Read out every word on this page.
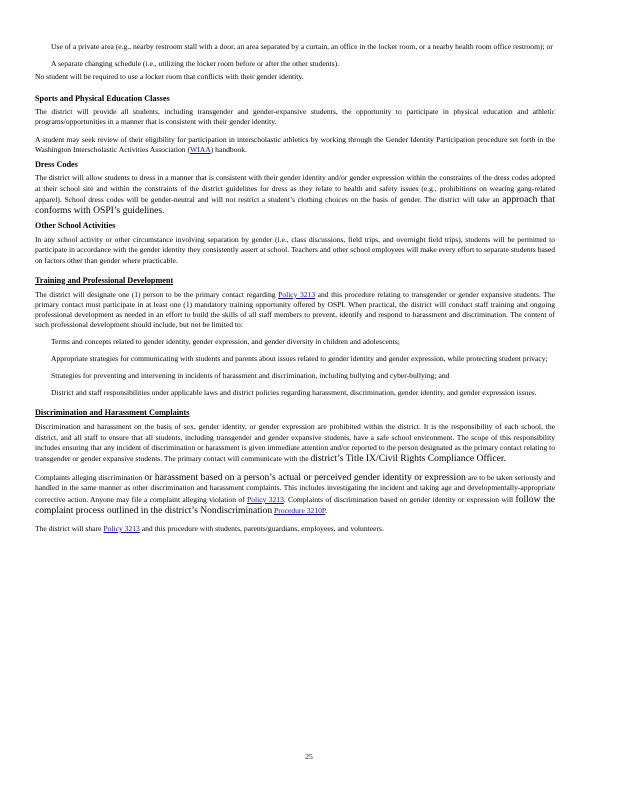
Use of a private area (e.g., nearby restroom stall with a door, an area separated by a curtain, an office in the locker room, or a nearby health room office restroom); or

A separate changing schedule (i.e., utilizing the locker room before or after the other students).

No student will be required to use a locker room that conflicts with their gender identity.

Sports and Physical Education Classes

The district will provide all students, including transgender and gender-expansive students, the opportunity to participate in physical education and athletic programs/opportunities in a manner that is consistent with their gender identity.

A student may seek review of their eligibility for participation in interscholastic athletics by working through the Gender Identity Participation procedure set forth in the Washington Interscholastic Activities Association (WIAA) handbook.

Dress Codes

The district will allow students to dress in a manner that is consistent with their gender identity and/or gender expression within the constraints of the dress codes adopted at their school site and within the constraints of the district guidelines for dress as they relate to health and safety issues (e.g., prohibitions on wearing gang-related apparel). School dress codes will be gender-neutral and will not restrict a student’s clothing choices on the basis of gender. The district will take an approach that conforms with OSPI’s guidelines.

Other School Activities

In any school activity or other circumstance involving separation by gender (i.e., class discussions, field trips, and overnight field trips), students will be permitted to participate in accordance with the gender identity they consistently assert at school. Teachers and other school employees will make every effort to separate students based on factors other than gender where practicable.

Training and Professional Development

The district will designate one (1) person to be the primary contact regarding Policy 3213 and this procedure relating to transgender or gender expansive students. The primary contact must participate in at least one (1) mandatory training opportunity offered by OSPI. When practical, the district will conduct staff training and ongoing professional development as needed in an effort to build the skills of all staff members to prevent, identify and respond to harassment and discrimination. The content of such professional development should include, but not be limited to:

Terms and concepts related to gender identity, gender expression, and gender diversity in children and adolescents;

Appropriate strategies for communicating with students and parents about issues related to gender identity and gender expression, while protecting student privacy;

Strategies for preventing and intervening in incidents of harassment and discrimination, including bullying and cyber-bullying; and

District and staff responsibilities under applicable laws and district policies regarding harassment, discrimination, gender identity, and gender expression issues.

Discrimination and Harassment Complaints

Discrimination and harassment on the basis of sex, gender identity, or gender expression are prohibited within the district. It is the responsibility of each school, the district, and all staff to ensure that all students, including transgender and gender expansive students, have a safe school environment. The scope of this responsibility includes ensuring that any incident of discrimination or harassment is given immediate attention and/or reported to the person designated as the primary contact relating to transgender or gender expansive students. The primary contact will communicate with the district’s Title IX/Civil Rights Compliance Officer.

Complaints alleging discrimination or harassment based on a person’s actual or perceived gender identity or expression are to be taken seriously and handled in the same manner as other discrimination and harassment complaints. This includes investigating the incident and taking age and developmentally-appropriate corrective action. Anyone may file a complaint alleging violation of Policy 3213. Complaints of discrimination based on gender identity or expression will follow the complaint process outlined in the district’s Nondiscrimination Procedure 3210P.

The district will share Policy 3213 and this procedure with students, parents/guardians, employees, and volunteers.

25
